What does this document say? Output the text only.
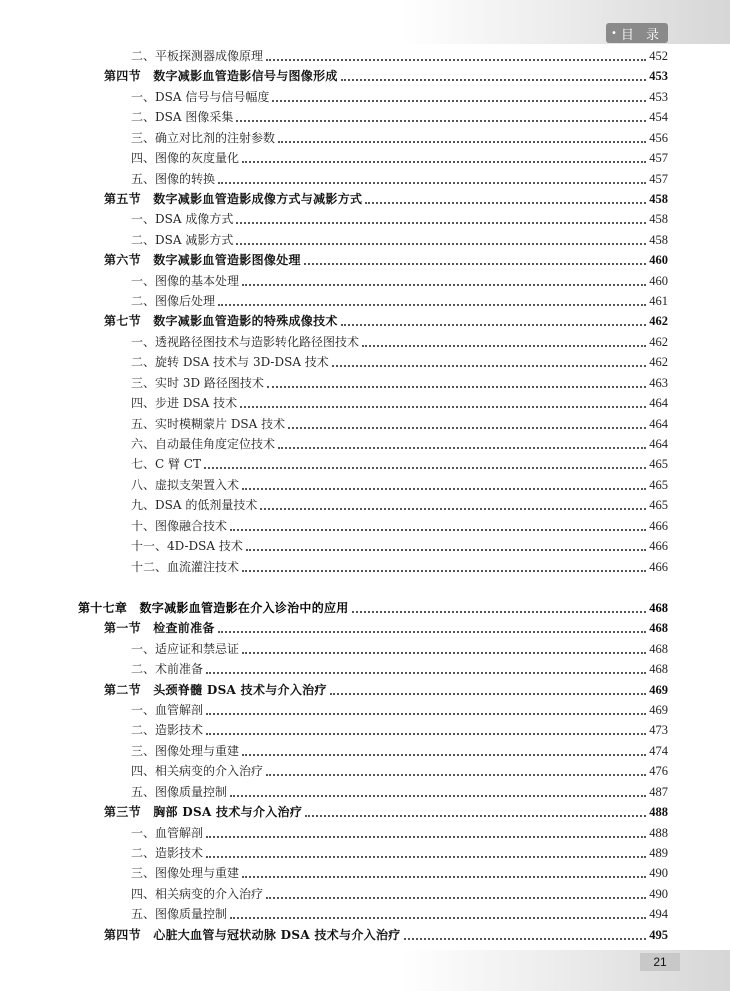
• 目 录
二、平板探测器成像原理	452
第四节　数字减影血管造影信号与图像形成	453
一、DSA 信号与信号幅度	453
二、DSA 图像采集	454
三、确立对比剂的注射参数	456
四、图像的灰度量化	457
五、图像的转换	457
第五节　数字减影血管造影成像方式与减影方式	458
一、DSA 成像方式	458
二、DSA 减影方式	458
第六节　数字减影血管造影图像处理	460
一、图像的基本处理	460
二、图像后处理	461
第七节　数字减影血管造影的特殊成像技术	462
一、透视路径图技术与造影转化路径图技术	462
二、旋转 DSA 技术与 3D-DSA 技术	462
三、实时 3D 路径图技术	463
四、步进 DSA 技术	464
五、实时模糊蒙片 DSA 技术	464
六、自动最佳角度定位技术	464
七、C 臂 CT	465
八、虚拟支架置入术	465
九、DSA 的低剂量技术	465
十、图像融合技术	466
十一、4D-DSA 技术	466
十二、血流灌注技术	466
第十七章　数字减影血管造影在介入诊治中的应用	468
第一节　检查前准备	468
一、适应证和禁忌证	468
二、术前准备	468
第二节　头颈脊髓 DSA 技术与介入治疗	469
一、血管解剖	469
二、造影技术	473
三、图像处理与重建	474
四、相关病变的介入治疗	476
五、图像质量控制	487
第三节　胸部 DSA 技术与介入治疗	488
一、血管解剖	488
二、造影技术	489
三、图像处理与重建	490
四、相关病变的介入治疗	490
五、图像质量控制	494
第四节　心脏大血管与冠状动脉 DSA 技术与介入治疗	495
21
